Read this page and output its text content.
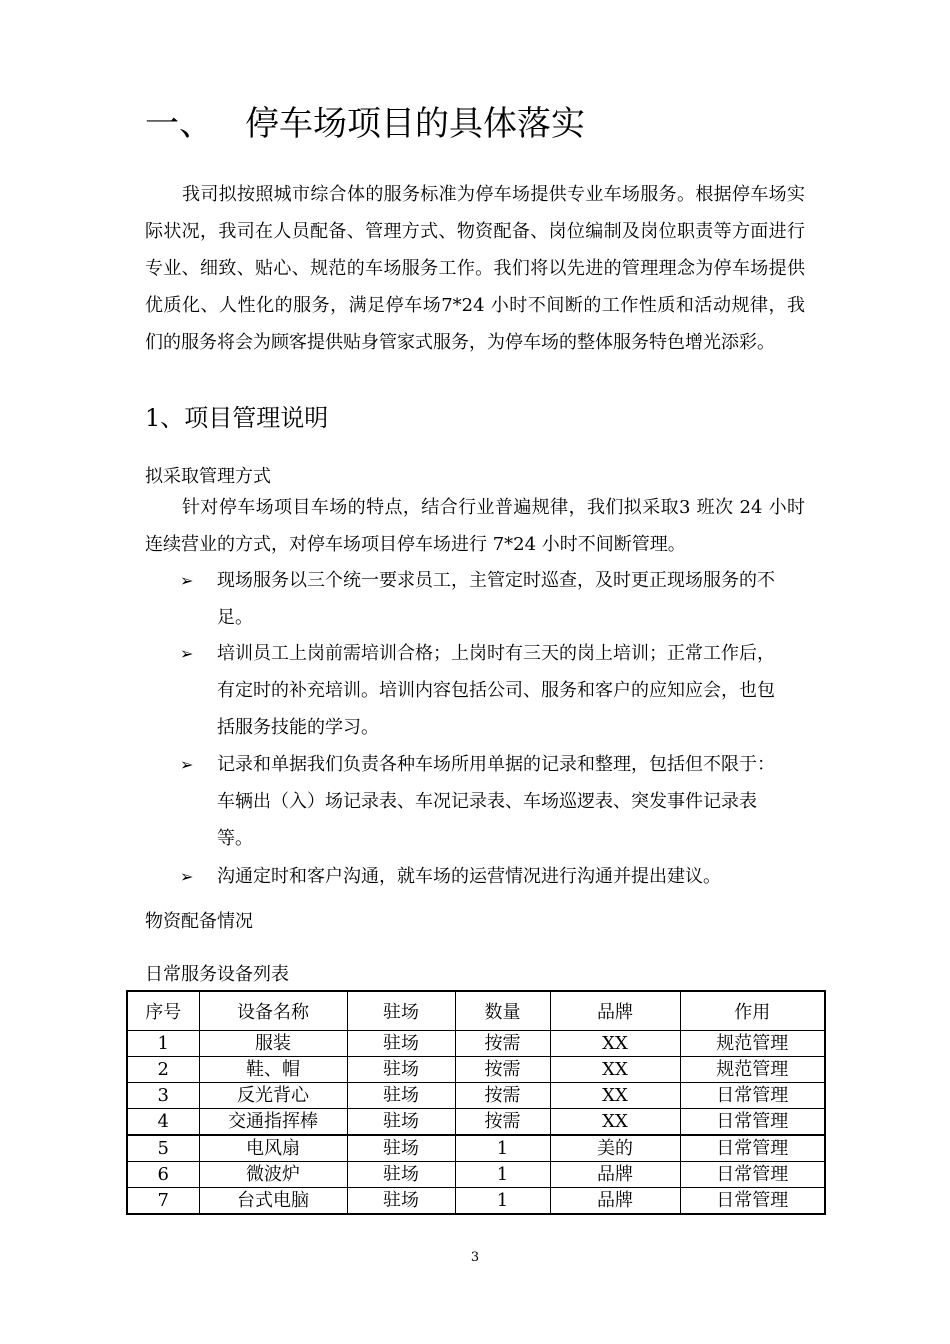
一、 停车场项目的具体落实

我司拟按照城市综合体的服务标准为停车场提供专业车场服务。根据停车场实际状况，我司在人员配备、管理方式、物资配备、岗位编制及岗位职责等方面进行专业、细致、贴心、规范的车场服务工作。我们将以先进的管理理念为停车场提供优质化、人性化的服务，满足停车场7*24 小时不间断的工作性质和活动规律，我们的服务将会为顾客提供贴身管家式服务，为停车场的整体服务特色增光添彩。

1、项目管理说明
拟采取管理方式

针对停车场项目车场的特点，结合行业普遍规律，我们拟采取3 班次 24 小时连续营业的方式，对停车场项目停车场进行 7*24 小时不间断管理。

➢	现场服务以三个统一要求员工，主管定时巡查，及时更正现场服务的不足。
➢	培训员工上岗前需培训合格；上岗时有三天的岗上培训；正常工作后，有定时的补充培训。培训内容包括公司、服务和客户的应知应会，也包括服务技能的学习。
➢	记录和单据我们负责各种车场所用单据的记录和整理，包括但不限于：车辆出（入）场记录表、车况记录表、车场巡逻表、突发事件记录表等。
➢	沟通定时和客户沟通，就车场的运营情况进行沟通并提出建议。
物资配备情况
日常服务设备列表
序号	设备名称	驻场	数量	品牌	作用
1	服装	驻场	按需	XX	规范管理
2	鞋、帽	驻场	按需	XX	规范管理
3	反光背心	驻场	按需	XX	日常管理
4	交通指挥棒	驻场	按需	XX	日常管理
5	电风扇	驻场	1	美的	日常管理
6	微波炉	驻场	1	品牌	日常管理
7	台式电脑	驻场	1	品牌	日常管理
3
